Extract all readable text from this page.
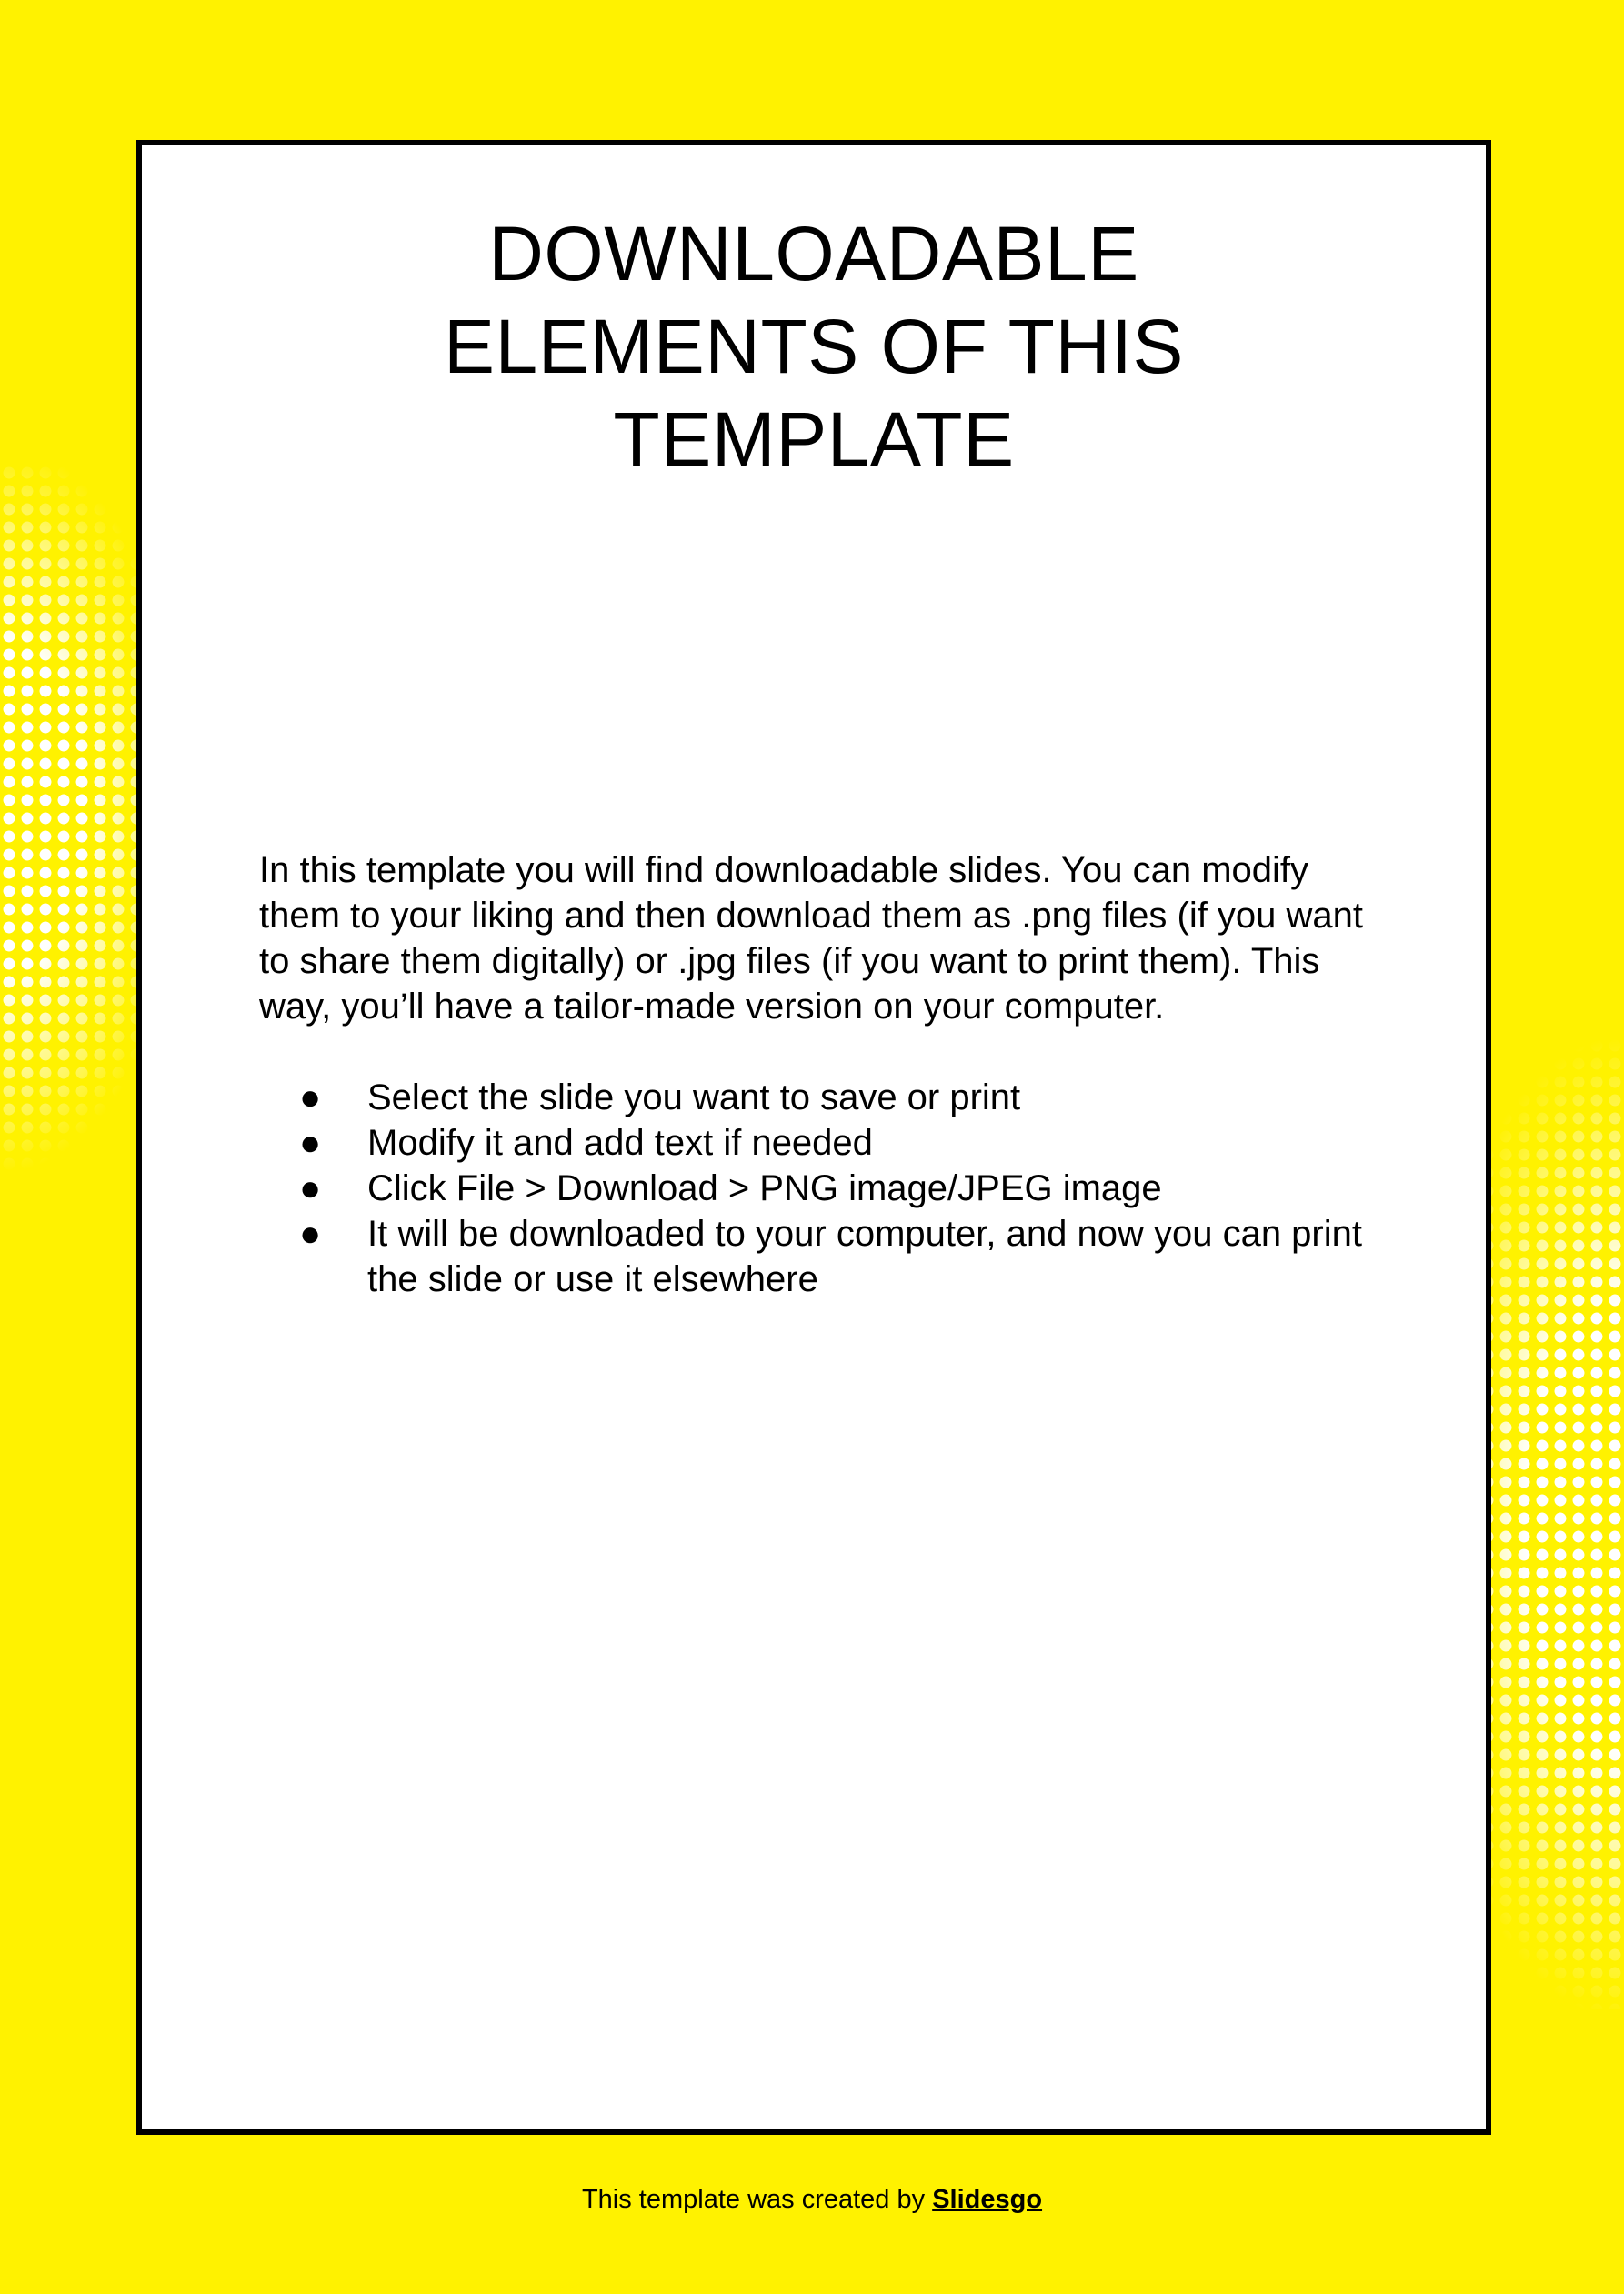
DOWNLOADABLE
ELEMENTS OF THIS
TEMPLATE

In this template you will find downloadable slides. You can modify them to your liking and then download them as .png files (if you want to share them digitally) or .jpg files (if you want to print them). This way, you’ll have a tailor-made version on your computer.

● Select the slide you want to save or print
● Modify it and add text if needed
● Click File > Download > PNG image/JPEG image
● It will be downloaded to your computer, and now you can print the slide or use it elsewhere
This template was created by Slidesgo
